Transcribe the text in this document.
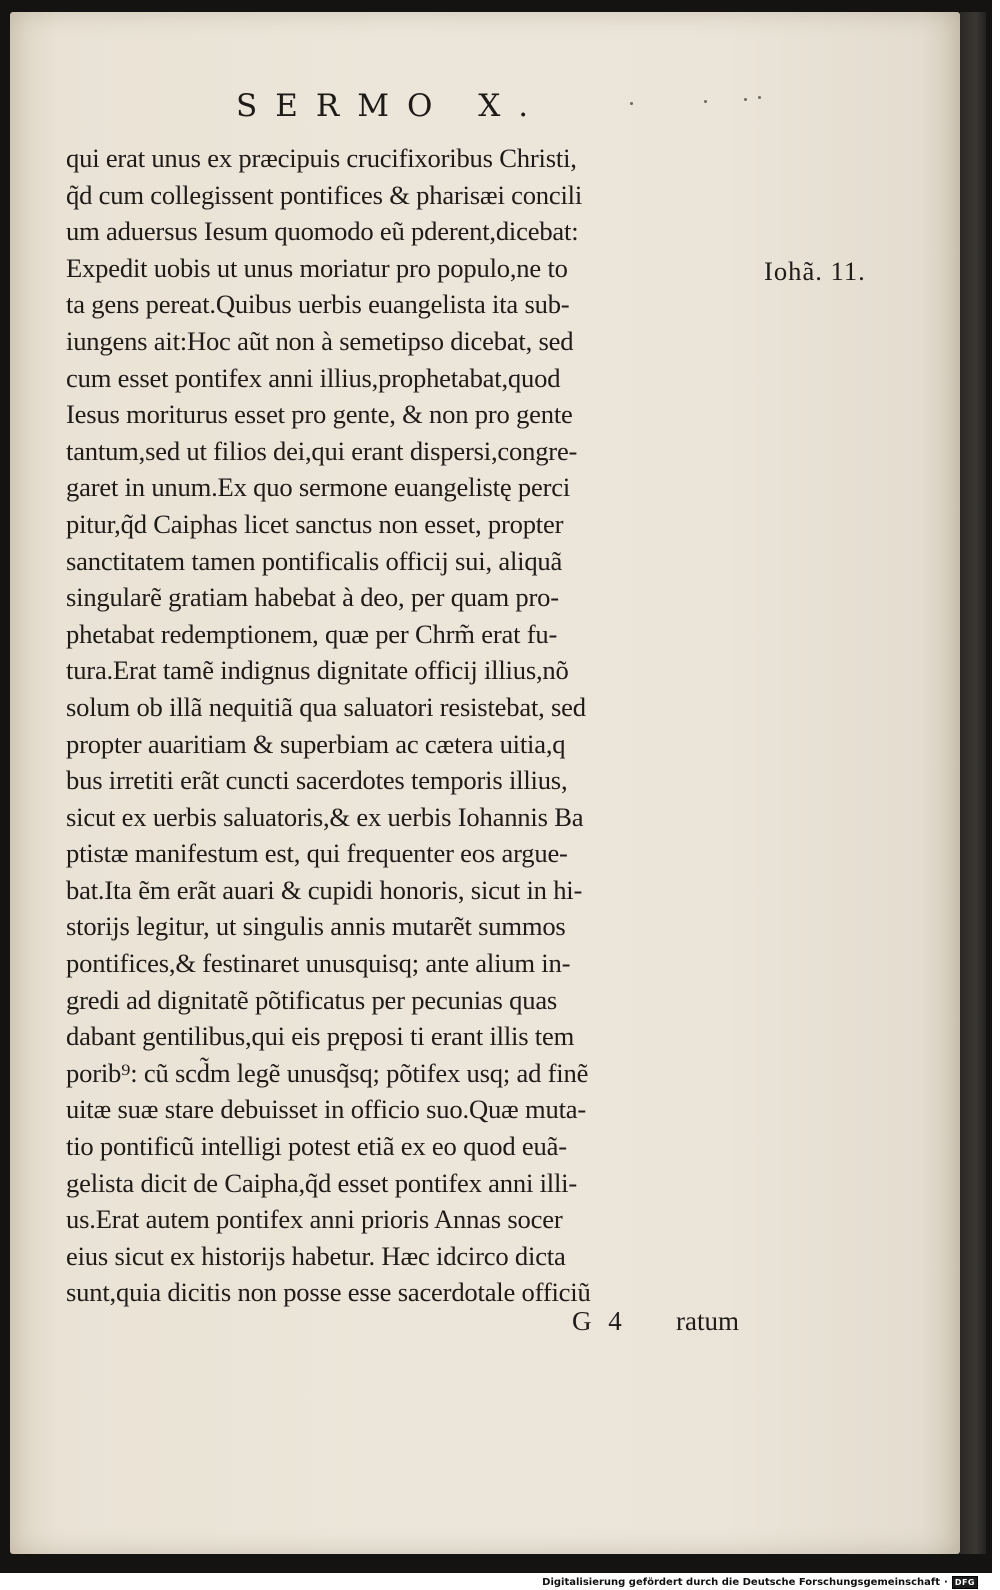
SERMO X.
qui erat unus ex præcipuis crucifixoribus Christi,
q̃d cum collegissent pontifices & pharisæi concili
um aduersus Iesum quomodo eũ pderent,dicebat:
Expedit uobis ut unus moriatur pro populo,ne to
ta gens pereat.Quibus uerbis euangelista ita sub-
iungens ait:Hoc aũt non à semetipso dicebat, sed
cum esset pontifex anni illius,prophetabat,quod
Iesus moriturus esset pro gente, & non pro gente
tantum,sed ut filios dei,qui erant dispersi,congre-
garet in unum.Ex quo sermone euangelistę perci
pitur,q̃d Caiphas licet sanctus non esset, propter
sanctitatem tamen pontificalis officij sui, aliquã
singularẽ gratiam habebat à deo, per quam pro-
phetabat redemptionem, quæ per Chrm̃ erat fu-
tura.Erat tamẽ indignus dignitate officij illius,nõ
solum ob illã nequitiã qua saluatori resistebat, sed
propter auaritiam & superbiam ac cætera uitia,q
bus irretiti erãt cuncti sacerdotes temporis illius,
sicut ex uerbis saluatoris,& ex uerbis Iohannis Ba
ptistæ manifestum est, qui frequenter eos argue-
bat.Ita ẽm erãt auari & cupidi honoris, sicut in hi-
storijs legitur, ut singulis annis mutarẽt summos
pontifices,& festinaret unusquisq; ante alium in-
gredi ad dignitatẽ põtificatus per pecunias quas
dabant gentilibus,qui eis pręposi ti erant illis tem
porib⁹: cũ scd̃m legẽ unusq̃sq; põtifex usq; ad finẽ
uitæ suæ stare debuisset in officio suo.Quæ muta-
tio pontificũ intelligi potest etiã ex eo quod euã-
gelista dicit de Caipha,q̃d esset pontifex anni illi-
us.Erat autem pontifex anni prioris Annas socer
eius sicut ex historijs habetur. Hæc idcirco dicta
sunt,quia dicitis non posse esse sacerdotale officiũ
Iohã. 11.
G 4 ratum
Digitalisierung gefördert durch die Deutsche Forschungsgemeinschaft · DFG
